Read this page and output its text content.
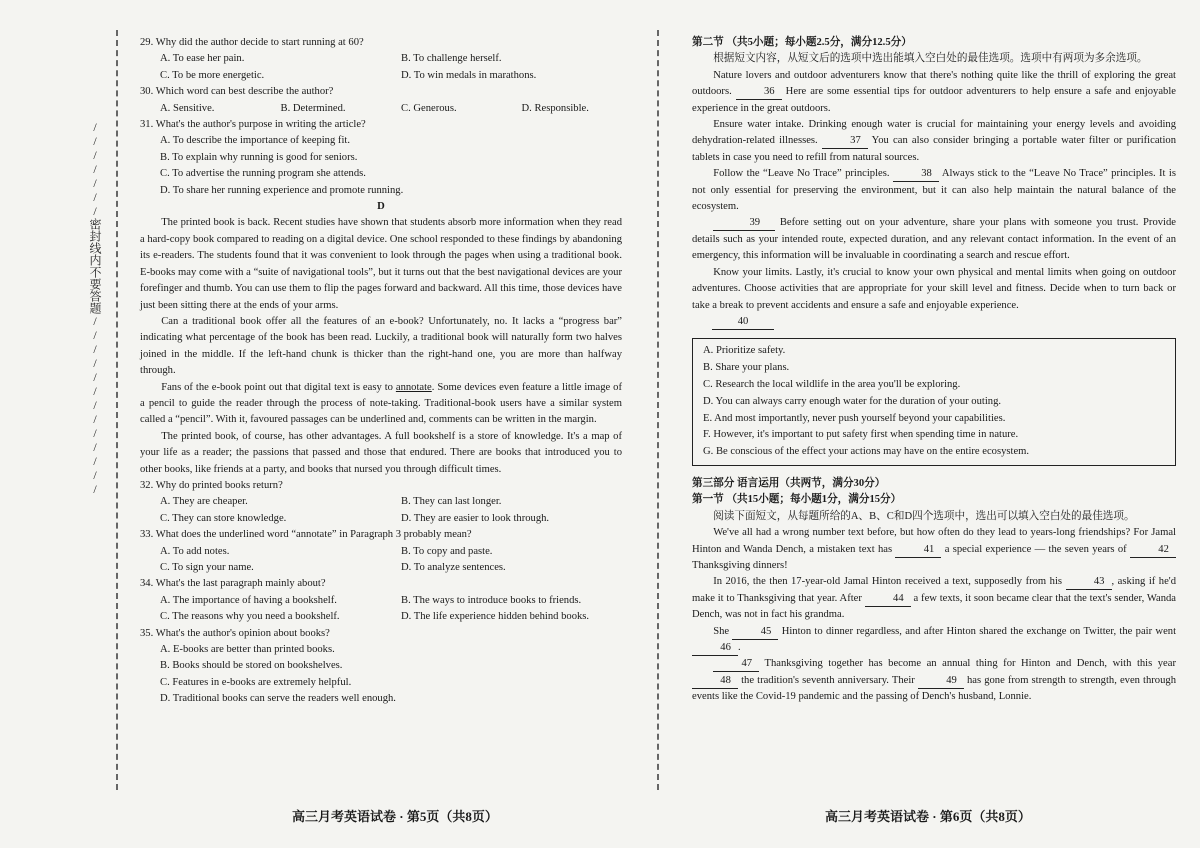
///////密封线内不要答题/////////////

29. Why did the author decide to start running at 60?

A. To ease her pain.	B. To challenge herself.
C. To be more energetic.	D. To win medals in marathons.

30. Which word can best describe the author?

A. Sensitive.	B. Determined.	C. Generous.	D. Responsible.

31. What's the author's purpose in writing the article?

A. To describe the importance of keeping fit.
B. To explain why running is good for seniors.
C. To advertise the running program she attends.
D. To share her running experience and promote running.

D

The printed book is back. Recent studies have shown that students absorb more information when they read a hard-copy book compared to reading on a digital device. One school responded to these findings by abandoning its e-readers. The students found that it was convenient to look through the pages when using a traditional book. E-books may come with a “suite of navigational tools”, but it turns out that the best navigational devices are your forefinger and thumb. You can use them to flip the pages forward and backward. All this time, those devices have just been sitting there at the ends of your arms.

Can a traditional book offer all the features of an e-book? Unfortunately, no. It lacks a “progress bar” indicating what percentage of the book has been read. Luckily, a traditional book will naturally form two halves joined in the middle. If the left-hand chunk is thicker than the right-hand one, you are more than halfway through.

Fans of the e-book point out that digital text is easy to annotate. Some devices even feature a little image of a pencil to guide the reader through the process of note-taking. Traditional-book users have a similar system called a “pencil”. With it, favoured passages can be underlined and, comments can be written in the margin.

The printed book, of course, has other advantages. A full bookshelf is a store of knowledge. It's a map of your life as a reader; the passions that passed and those that endured. There are books that introduced you to other books, like friends at a party, and books that nursed you through difficult times.

32. Why do printed books return?

A. They are cheaper.	B. They can last longer.
C. They can store knowledge.	D. They are easier to look through.

33. What does the underlined word “annotate” in Paragraph 3 probably mean?

A. To add notes.	B. To copy and paste.
C. To sign your name.	D. To analyze sentences.

34. What's the last paragraph mainly about?

A. The importance of having a bookshelf.	B. The ways to introduce books to friends.
C. The reasons why you need a bookshelf.	D. The life experience hidden behind books.

35. What's the author's opinion about books?

A. E-books are better than printed books.
B. Books should be stored on bookshelves.
C. Features in e-books are extremely helpful.
D. Traditional books can serve the readers well enough.

第二节 （共5小题；每小题2.5分，满分12.5分）

根据短文内容，从短文后的选项中选出能填入空白处的最佳选项。选项中有两项为多余选项。

Nature lovers and outdoor adventurers know that there's nothing quite like the thrill of exploring the great outdoors.	36 Here are some essential tips for outdoor adventurers to help ensure a safe and enjoyable experience in the great outdoors.

Ensure water intake. Drinking enough water is crucial for maintaining your energy levels and avoiding dehydration-related illnesses.	37 You can also consider bringing a portable water filter or purification tablets in case you need to refill from natural sources.

Follow the “Leave No Trace” principles.	38 Always stick to the “Leave No Trace” principles. It is not only essential for preserving the environment, but it can also help maintain the natural balance of the ecosystem.

39 Before setting out on your adventure, share your plans with someone you trust. Provide details such as your intended route, expected duration, and any relevant contact information. In the event of an emergency, this information will be invaluable in coordinating a search and rescue effort.

Know your limits. Lastly, it's crucial to know your own physical and mental limits when going on outdoor adventures. Choose activities that are appropriate for your skill level and fitness. Decide when to turn back or take a break to prevent accidents and ensure a safe and enjoyable experience.

40
A. Prioritize safety.
B. Share your plans.
C. Research the local wildlife in the area you'll be exploring.
D. You can always carry enough water for the duration of your outing.
E. And most importantly, never push yourself beyond your capabilities.
F. However, it's important to put safety first when spending time in nature.
G. Be conscious of the effect your actions may have on the entire ecosystem.

第三部分 语言运用（共两节，满分30分）

第一节 （共15小题；每小题1分，满分15分）

阅读下面短文，从每题所给的A、B、C和D四个选项中，选出可以填入空白处的最佳选项。

We've all had a wrong number text before, but how often do they lead to years-long friendships? For Jamal Hinton and Wanda Dench, a mistaken text has	41 a special experience — the seven years of	42 Thanksgiving dinners!

In 2016, the then 17-year-old Jamal Hinton received a text, supposedly from his	43 , asking if he'd make it to Thanksgiving that year. After	44 a few texts, it soon became clear that the text's sender, Wanda Dench, was not in fact his grandma.

She	45 Hinton to dinner regardless, and after Hinton shared the exchange on Twitter, the pair went 46 .

47 Thanksgiving together has become an annual thing for Hinton and Dench, with this year 48 the tradition's seventh anniversary. Their	49 has gone from strength to strength, even through events like the Covid-19 pandemic and the passing of Dench's husband, Lonnie.

高三月考英语试卷 · 第5页（共8页）	高三月考英语试卷 · 第6页（共8页）
